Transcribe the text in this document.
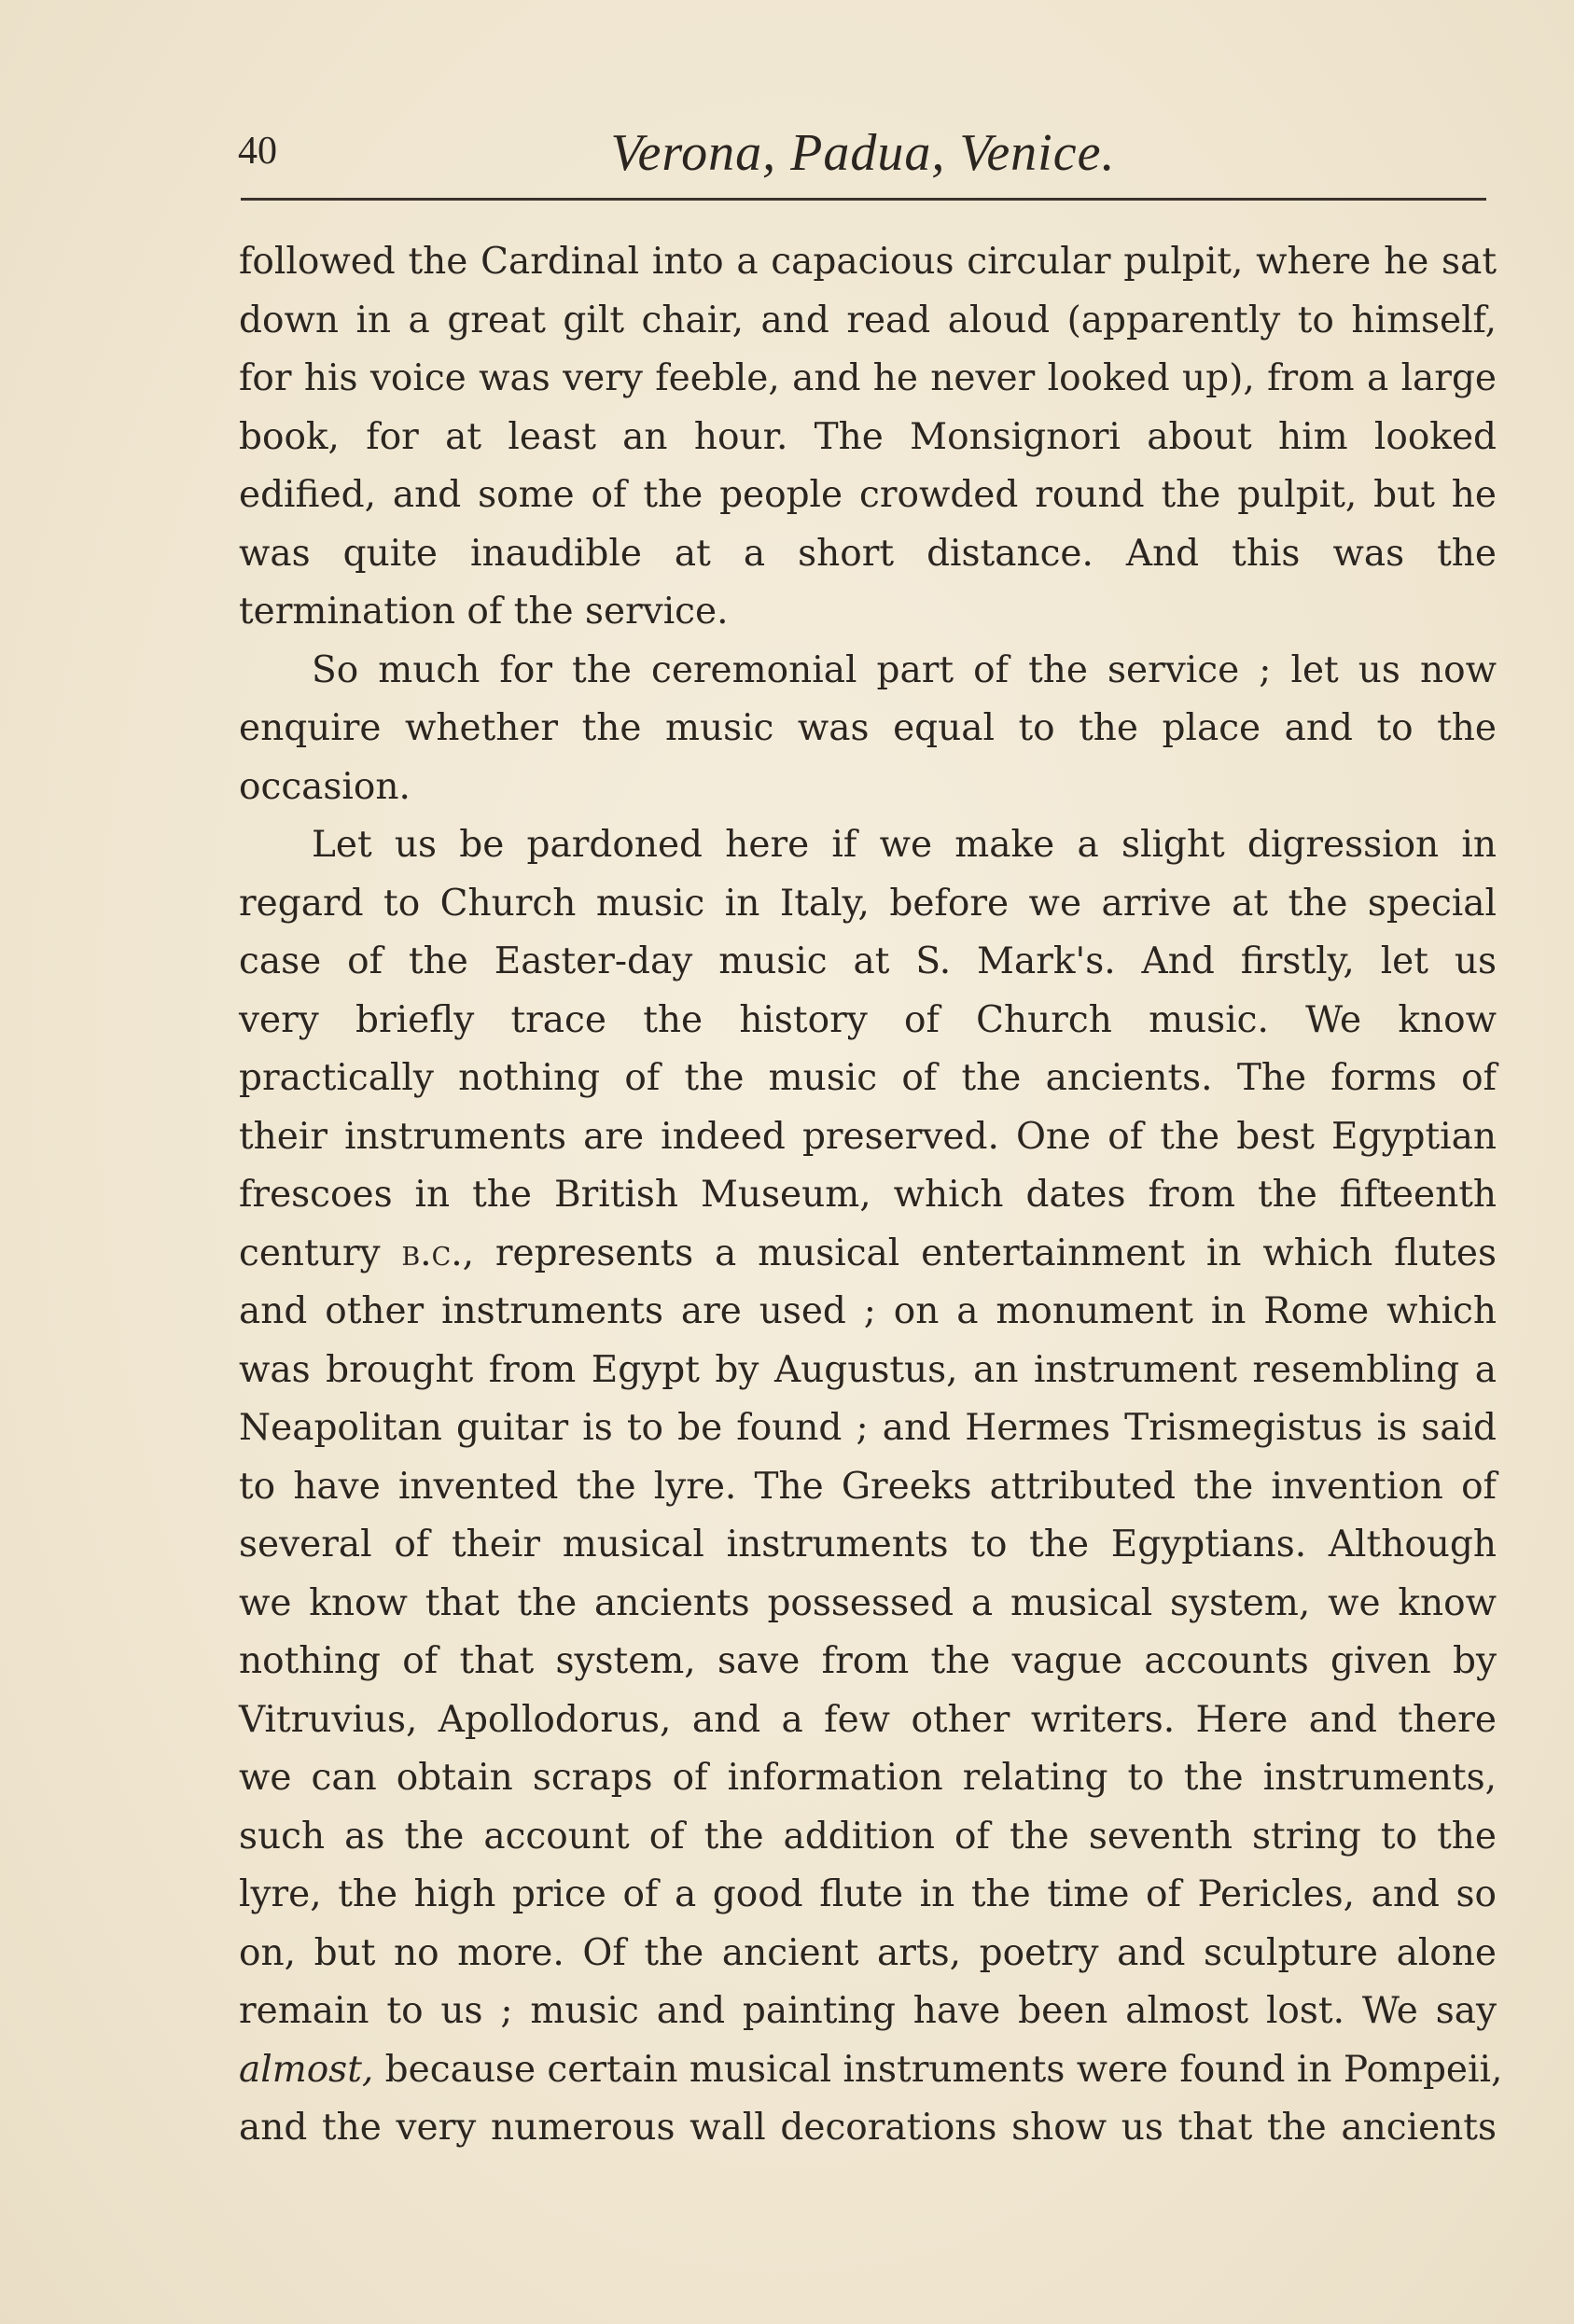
40	Verona, Padua, Venice.

followed the Cardinal into a capacious circular pulpit, where he sat
down in a great gilt chair, and read aloud (apparently to himself,
for his voice was very feeble, and he never looked up), from a large
book, for at least an hour. The Monsignori about him looked
edified, and some of the people crowded round the pulpit, but he
was quite inaudible at a short distance. And this was the
termination of the service.

So much for the ceremonial part of the service ; let us now
enquire whether the music was equal to the place and to the
occasion.

Let us be pardoned here if we make a slight digression in
regard to Church music in Italy, before we arrive at the special
case of the Easter-day music at S. Mark's. And firstly, let us
very briefly trace the history of Church music. We know
practically nothing of the music of the ancients. The forms of
their instruments are indeed preserved. One of the best Egyptian
frescoes in the British Museum, which dates from the fifteenth
century b.c., represents a musical entertainment in which flutes
and other instruments are used ; on a monument in Rome which
was brought from Egypt by Augustus, an instrument resembling a
Neapolitan guitar is to be found ; and Hermes Trismegistus is said
to have invented the lyre. The Greeks attributed the invention of
several of their musical instruments to the Egyptians. Although
we know that the ancients possessed a musical system, we know
nothing of that system, save from the vague accounts given by
Vitruvius, Apollodorus, and a few other writers. Here and there
we can obtain scraps of information relating to the instruments,
such as the account of the addition of the seventh string to the
lyre, the high price of a good flute in the time of Pericles, and so
on, but no more. Of the ancient arts, poetry and sculpture alone
remain to us ; music and painting have been almost lost. We say
almost, because certain musical instruments were found in Pompeii,
and the very numerous wall decorations show us that the ancients
